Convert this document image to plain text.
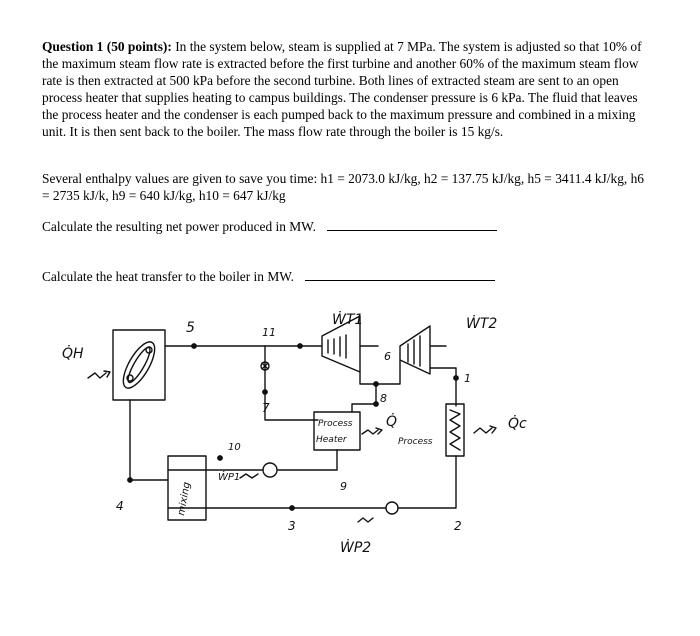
Question 1 (50 points): In the system below, steam is supplied at 7 MPa. The system is adjusted so that 10% of the maximum steam flow rate is extracted before the first turbine and another 60% of the maximum steam flow rate is then extracted at 500 kPa before the second turbine. Both lines of extracted steam are sent to an open process heater that supplies heating to campus buildings. The condenser pressure is 6 kPa. The fluid that leaves the process heater and the condenser is each pumped back to the maximum pressure and combined in a mixing unit. It is then sent back to the boiler. The mass flow rate through the boiler is 15 kg/s.

Several enthalpy values are given to save you time: h1 = 2073.0 kJ/kg, h2 = 137.75 kJ/kg, h5 = 3411.4 kJ/kg, h6 = 2735 kJ/k, h9 = 640 kJ/kg, h10 = 647 kJ/kg
Calculate the resulting net power produced in MW.
Calculate the heat transfer to the boiler in MW.
Q̇H
5	11
7
ẆT1	ẆT2
6
1
8
Process
Heater
Q̇
Process
Q̇c
10
ẆP1
9
4
3	2
ẆP2
mixing
